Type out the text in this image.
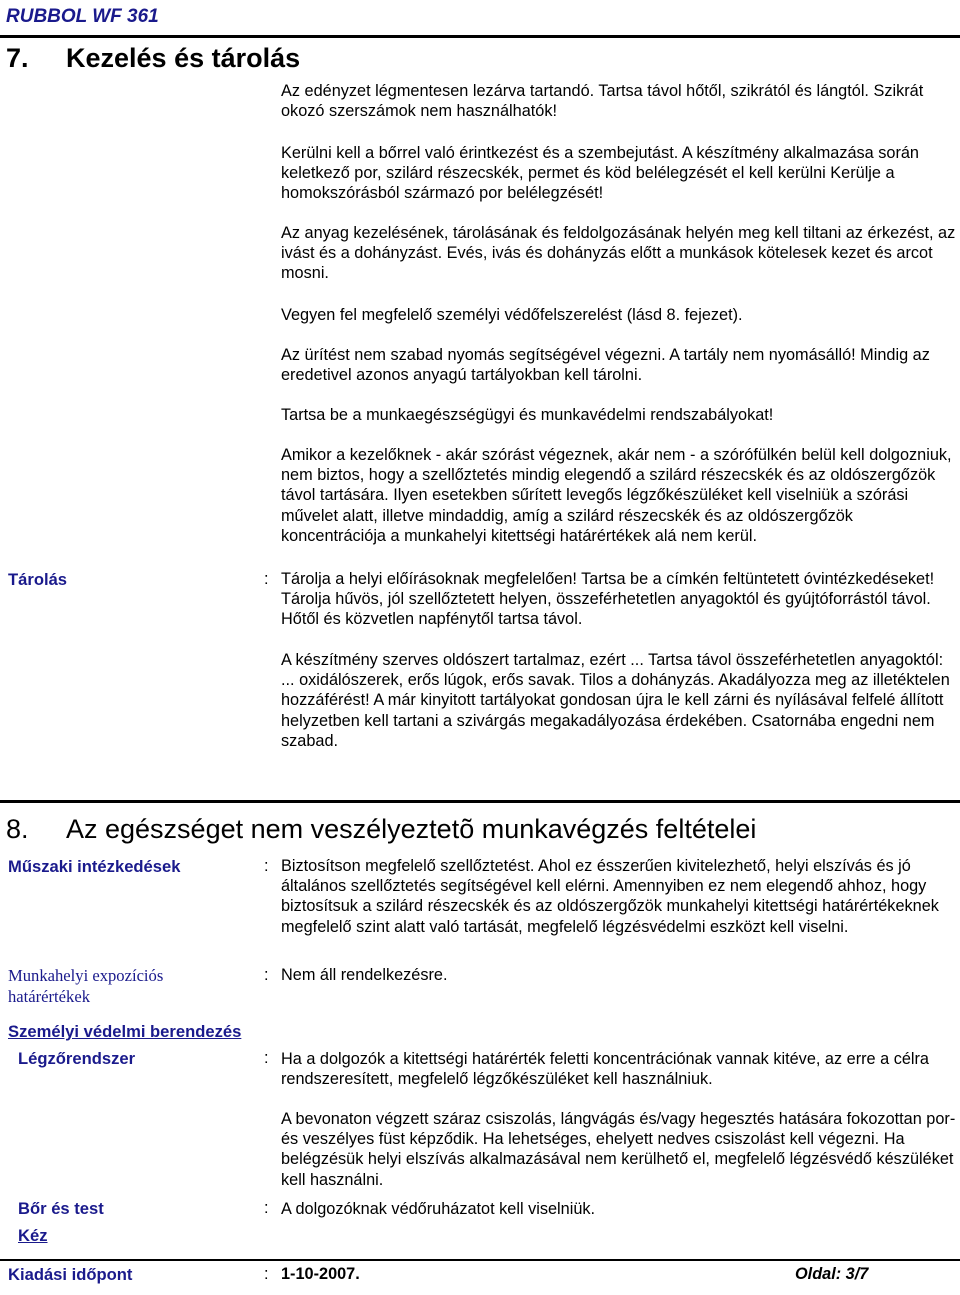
RUBBOL WF 361
7. Kezelés és tárolás

Az edényzet légmentesen lezárva tartandó. Tartsa távol hőtől, szikrától és lángtól. Szikrát okozó szerszámok nem használhatók!

Kerülni kell a bőrrel való érintkezést és a szembejutást. A készítmény alkalmazása során keletkező por, szilárd részecskék, permet és köd belélegzését el kell kerülni Kerülje a homokszórásból származó por belélegzését!

Az anyag kezelésének, tárolásának és feldolgozásának helyén meg kell tiltani az érkezést, az ivást és a dohányzást. Evés, ivás és dohányzás előtt a munkások kötelesek kezet és arcot mosni.

Vegyen fel megfelelő személyi védőfelszerelést (lásd 8. fejezet).

Az ürítést nem szabad nyomás segítségével végezni. A tartály nem nyomásálló! Mindig az eredetivel azonos anyagú tartályokban kell tárolni.

Tartsa be a munkaegészségügyi és munkavédelmi rendszabályokat!

Amikor a kezelőknek - akár szórást végeznek, akár nem - a szórófülkén belül kell dolgozniuk, nem biztos, hogy a szellőztetés mindig elegendő a szilárd részecskék és az oldószergőzök távol tartására. Ilyen esetekben sűrített levegős légzőkészüléket kell viselniük a szórási művelet alatt, illetve mindaddig, amíg a szilárd részecskék és az oldószergőzök koncentrációja a munkahelyi kitettségi határértékek alá nem kerül.

Tárolás	: Tárolja a helyi előírásoknak megfelelően! Tartsa be a címkén feltüntetett óvintézkedéseket! Tárolja hűvös, jól szellőztetett helyen, összeférhetetlen anyagoktól és gyújtóforrástól távol. Hőtől és közvetlen napfénytől tartsa távol.

A készítmény szerves oldószert tartalmaz, ezért ... Tartsa távol összeférhetetlen anyagoktól: ... oxidálószerek, erős lúgok, erős savak. Tilos a dohányzás. Akadályozza meg az illetéktelen hozzáférést! A már kinyitott tartályokat gondosan újra le kell zárni és nyílásával felfelé állított helyzetben kell tartani a szivárgás megakadályozása érdekében. Csatornába engedni nem szabad.

8. Az egészséget nem veszélyeztetõ munkavégzés feltételei
Műszaki intézkedések	: Biztosítson megfelelő szellőztetést. Ahol ez ésszerűen kivitelezhető, helyi elszívás és jó általános szellőztetés segítségével kell elérni. Amennyiben ez nem elegendő ahhoz, hogy biztosítsuk a szilárd részecskék és az oldószergőzök munkahelyi kitettségi határértékeknek megfelelő szint alatt való tartását, megfelelő légzésvédelmi eszközt kell viselni.

Munkahelyi expozíciós határértékek
: Nem áll rendelkezésre.

Személyi védelmi berendezés
Légzőrendszer	: Ha a dolgozók a kitettségi határérték feletti koncentrációnak vannak kitéve, az erre a célra rendszeresített, megfelelő légzőkészüléket kell használniuk.

A bevonaton végzett száraz csiszolás, lángvágás és/vagy hegesztés hatására fokozottan por- és veszélyes füst képződik. Ha lehetséges, ehelyett nedves csiszolást kell végezni. Ha belégzésük helyi elszívás alkalmazásával nem kerülhető el, megfelelő légzésvédő készüléket kell használni.

Bőr és test	: A dolgozóknak védőruházatot kell viselniük.

Kéz
Kiadási időpont	: 1-10-2007.	Oldal: 3/7
